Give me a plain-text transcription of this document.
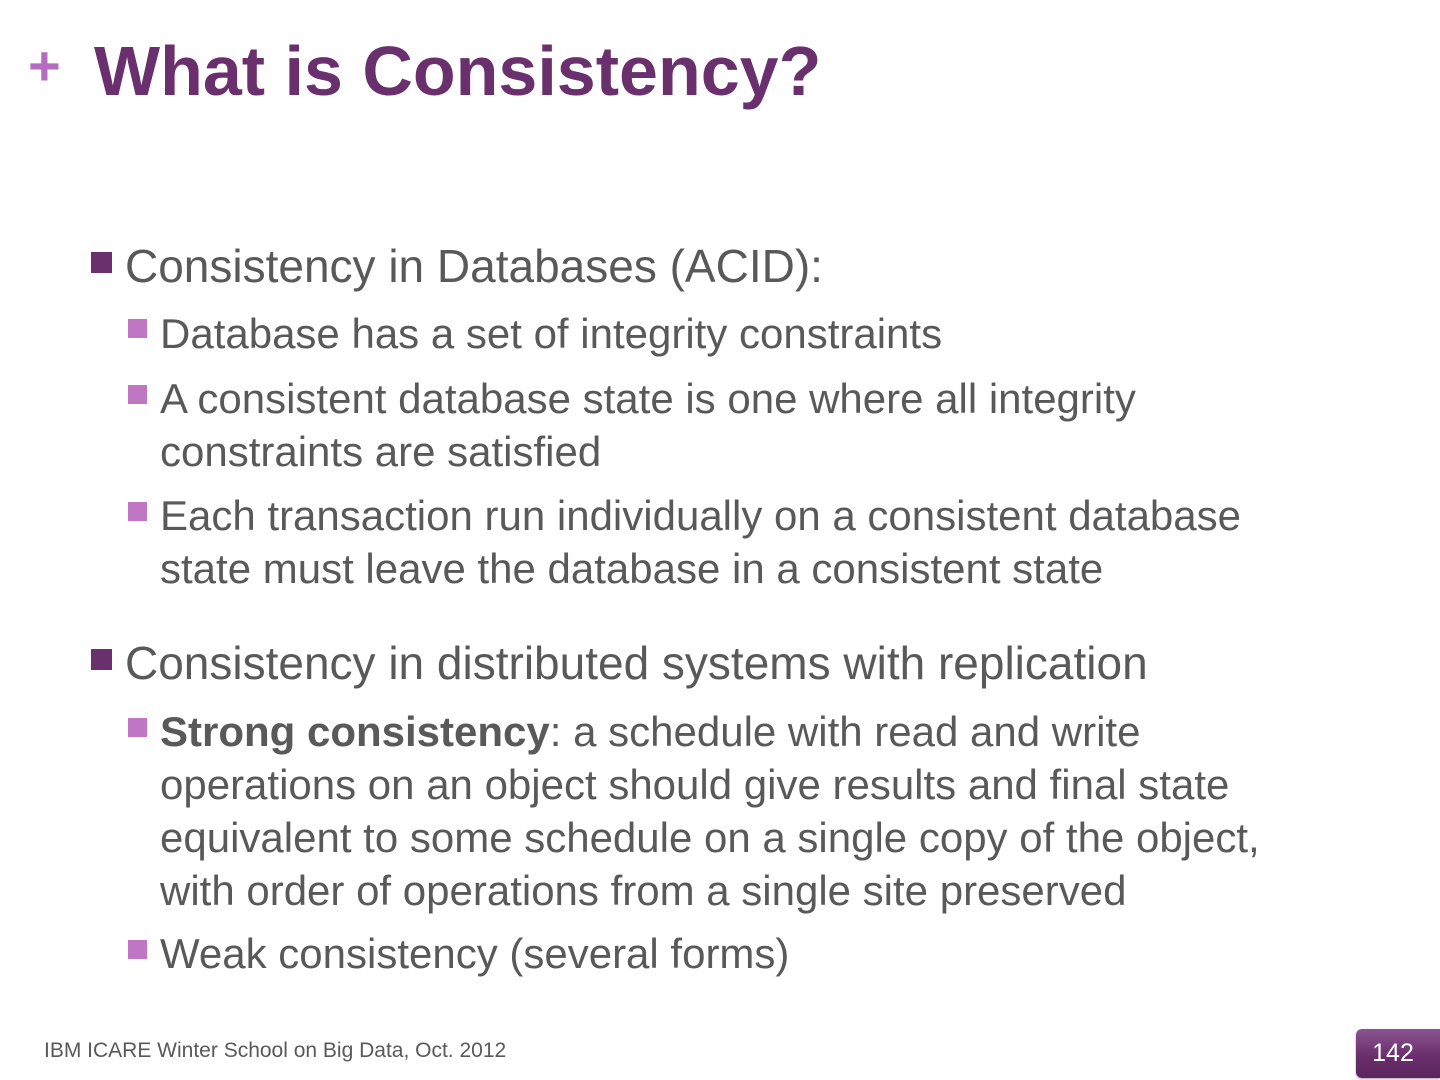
+ What is Consistency?
Consistency in Databases (ACID):
Database has a set of integrity constraints
A consistent database state is one where all integrity constraints are satisfied
Each transaction run individually on a consistent database state must leave the database in a consistent state
Consistency in distributed systems with replication
Strong consistency: a schedule with read and write operations on an object should give results and final state equivalent to some schedule on a single copy of the object, with order of operations from a single site preserved
Weak consistency (several forms)
IBM ICARE Winter School on Big Data, Oct. 2012	142
